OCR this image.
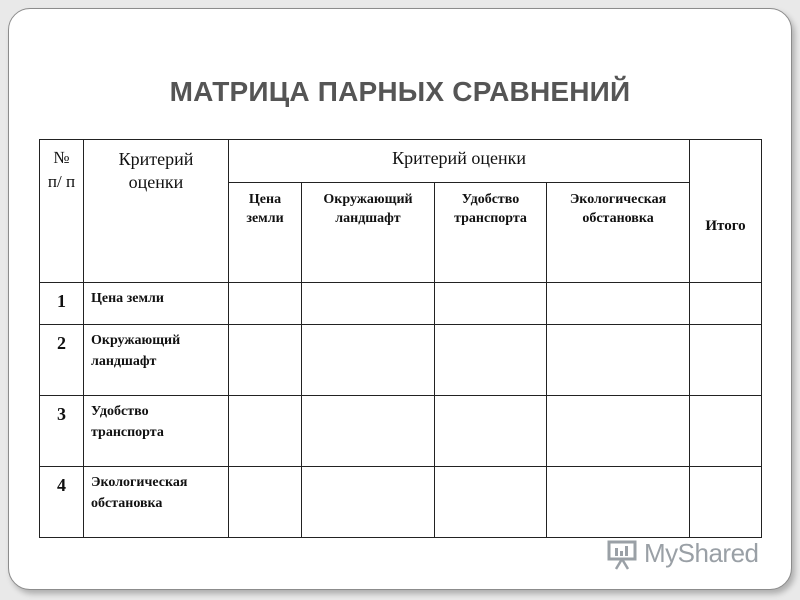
МАТРИЦА ПАРНЫХ СРАВНЕНИЙ
№ п/ п	Критерий оценки	Критерий оценки				Итого

		Цена земли	Окружающий ландшафт	Удобство транспорта	Экологическая обстановка	

1	Цена земли					
2	Окружающий ландшафт					

3	Удобство транспорта					

4	Экологическая обстановка					

MyShared
